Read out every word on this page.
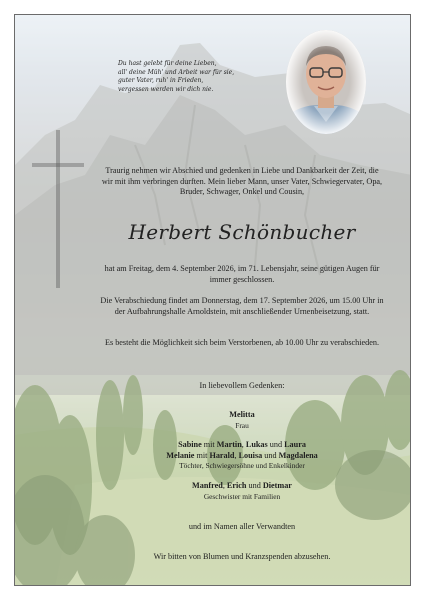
Du hast gelebt für deine Lieben,
all' deine Müh' und Arbeit war für sie,
guter Vater, ruh' in Frieden,
vergessen werden wir dich nie.

Traurig nehmen wir Abschied und gedenken in Liebe und Dankbarkeit der Zeit, die wir mit ihm verbringen durften. Mein lieber Mann, unser Vater, Schwiegervater, Opa, Bruder, Schwager, Onkel und Cousin,

Herbert Schönbucher

hat am Freitag, dem 4. September 2026, im 71. Lebensjahr, seine gütigen Augen für immer geschlossen.

Die Verabschiedung findet am Donnerstag, dem 17. September 2026, um 15.00 Uhr in der Aufbahrungshalle Arnoldstein, mit anschließender Urnenbeisetzung, statt.

Es besteht die Möglichkeit sich beim Verstorbenen, ab 10.00 Uhr zu verabschieden.

In liebevollem Gedenken:

Melitta

Frau

Sabine mit Martin, Lukas und Laura

Melanie mit Harald, Louisa und Magdalena

Töchter, Schwiegersöhne und Enkelkinder

Manfred, Erich und Dietmar

Geschwister mit Familien

und im Namen aller Verwandten

Wir bitten von Blumen und Kranzspenden abzusehen.
